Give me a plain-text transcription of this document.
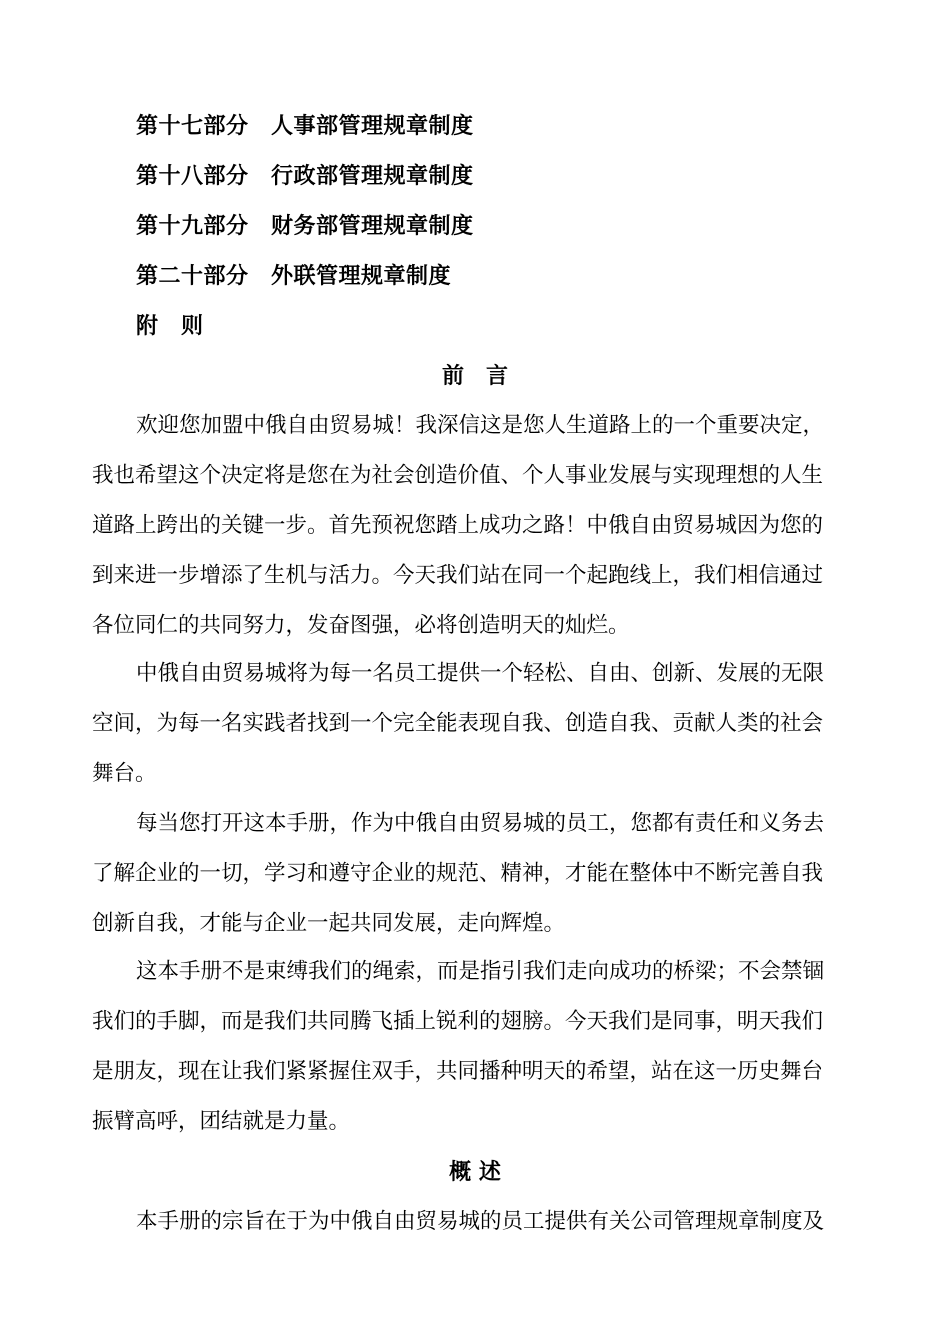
第十七部分　人事部管理规章制度
第十八部分　行政部管理规章制度
第十九部分　财务部管理规章制度
第二十部分　外联管理规章制度
附　则
前　言
欢迎您加盟中俄自由贸易城！我深信这是您人生道路上的一个重要决定，
我也希望这个决定将是您在为社会创造价值、个人事业发展与实现理想的人生
道路上跨出的关键一步。首先预祝您踏上成功之路！中俄自由贸易城因为您的
到来进一步增添了生机与活力。今天我们站在同一个起跑线上，我们相信通过
各位同仁的共同努力，发奋图强，必将创造明天的灿烂。
中俄自由贸易城将为每一名员工提供一个轻松、自由、创新、发展的无限
空间，为每一名实践者找到一个完全能表现自我、创造自我、贡献人类的社会
舞台。
每当您打开这本手册，作为中俄自由贸易城的员工，您都有责任和义务去
了解企业的一切，学习和遵守企业的规范、精神，才能在整体中不断完善自我
创新自我，才能与企业一起共同发展，走向辉煌。
这本手册不是束缚我们的绳索，而是指引我们走向成功的桥梁；不会禁锢
我们的手脚，而是我们共同腾飞插上锐利的翅膀。今天我们是同事，明天我们
是朋友，现在让我们紧紧握住双手，共同播种明天的希望，站在这一历史舞台
振臂高呼，团结就是力量。
概 述
本手册的宗旨在于为中俄自由贸易城的员工提供有关公司管理规章制度及
